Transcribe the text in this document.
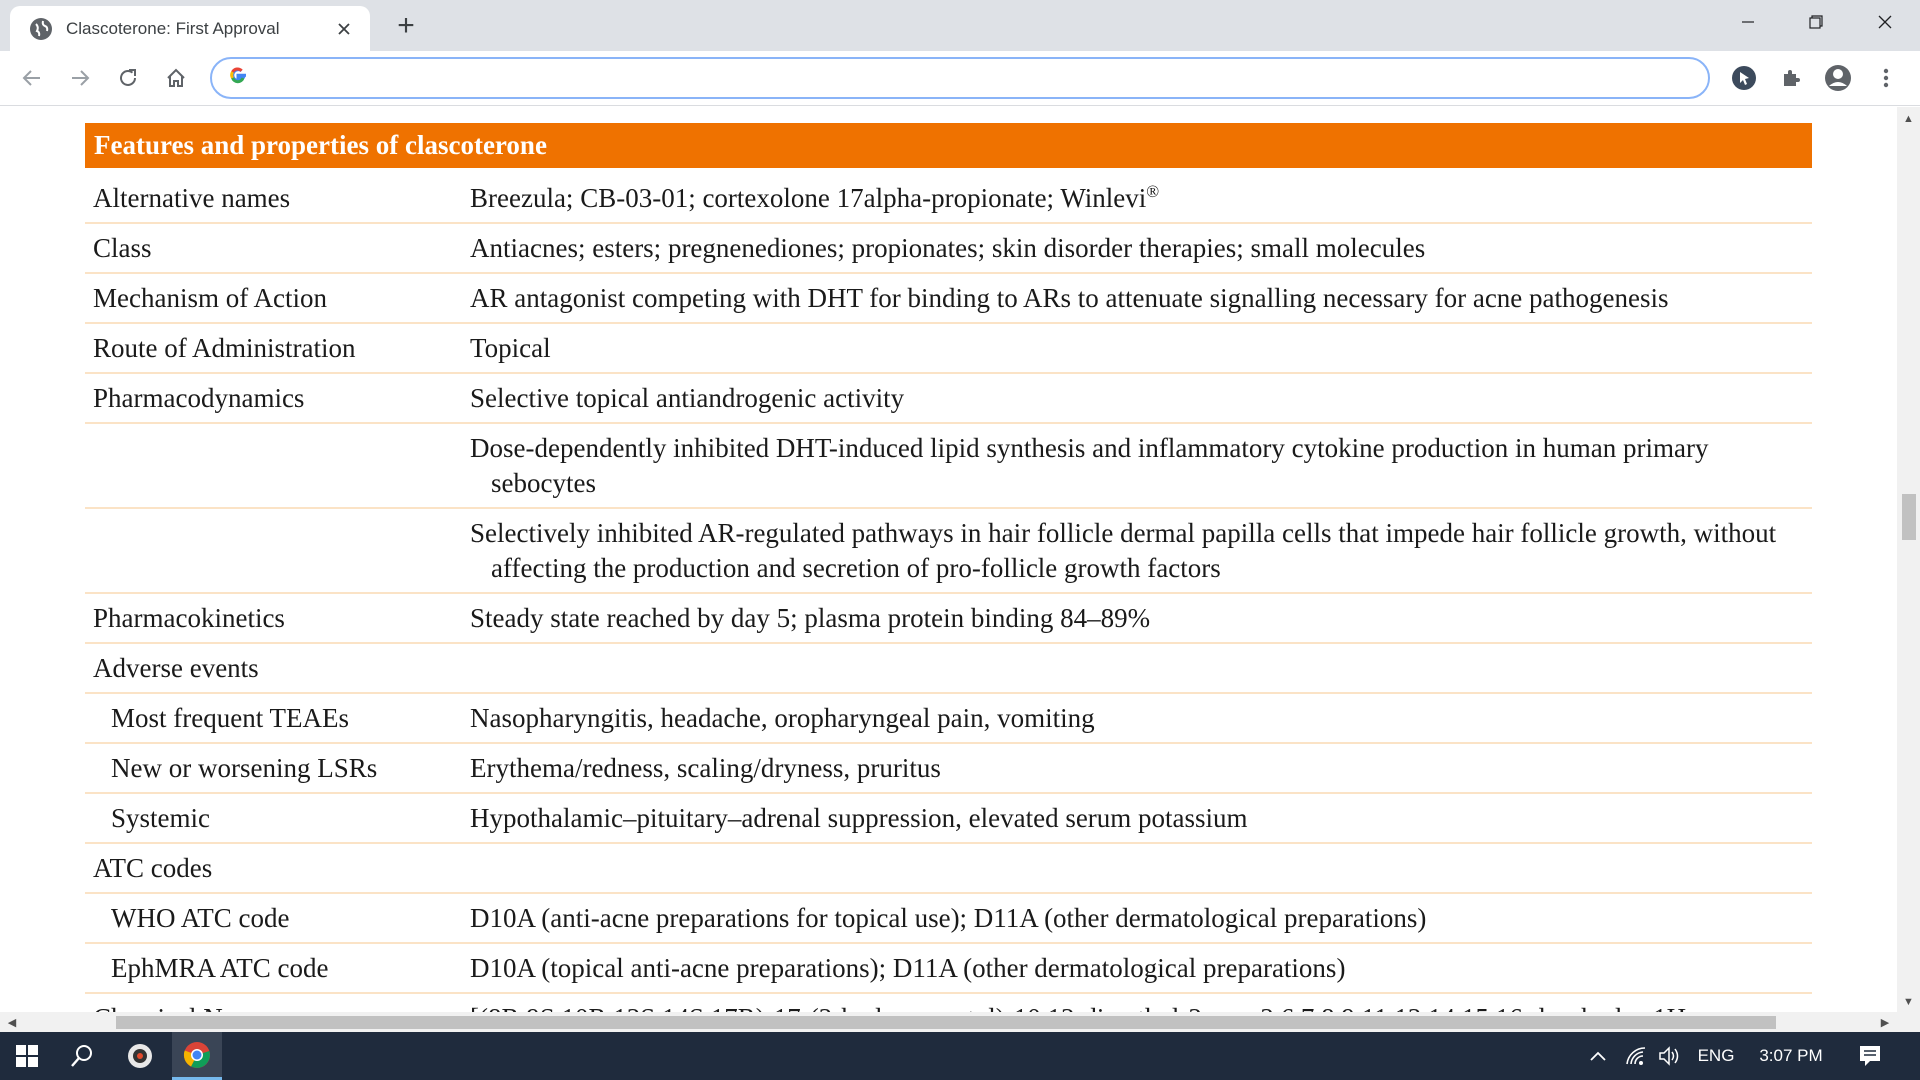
Clascoterone: First Approval	+
Features and properties of clascoterone
Alternative names	Breezula; CB-03-01; cortexolone 17alpha-propionate; Winlevi®

Class	Antiacnes; esters; pregnenediones; propionates; skin disorder therapies; small molecules

Mechanism of Action	AR antagonist competing with DHT for binding to ARs to attenuate signalling necessary for acne pathogenesis

Route of Administration	Topical

Pharmacodynamics	Selective topical antiandrogenic activity

	Dose-dependently inhibited DHT-induced lipid synthesis and inflammatory cytokine production in human primary sebocytes

	Selectively inhibited AR-regulated pathways in hair follicle dermal papilla cells that impede hair follicle growth, without affecting the production and secretion of pro-follicle growth factors

Pharmacokinetics	Steady state reached by day 5; plasma protein binding 84–89%

Adverse events	

Most frequent TEAEs	Nasopharyngitis, headache, oropharyngeal pain, vomiting

New or worsening LSRs	Erythema/redness, scaling/dryness, pruritus

Systemic	Hypothalamic–pituitary–adrenal suppression, elevated serum potassium

ATC codes	

WHO ATC code	D10A (anti-acne preparations for topical use); D11A (other dermatological preparations)

EphMRA ATC code	D10A (topical anti-acne preparations); D11A (other dermatological preparations)

▲
▼
◀	▶
ENG 3:07 PM
